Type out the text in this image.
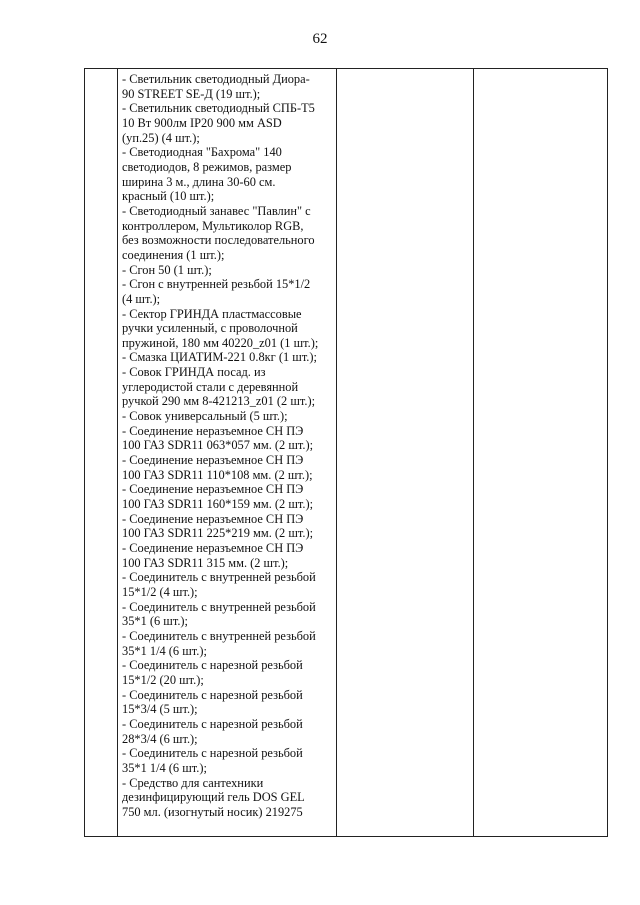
62

- Светильник светодиодный Диора-
90 STREET SE-Д (19 шт.);
- Светильник светодиодный СПБ-Т5
10 Вт 900лм IP20 900 мм ASD
(уп.25) (4 шт.);
- Светодиодная "Бахрома" 140
светодиодов, 8 режимов, размер
ширина 3 м., длина 30-60 см.
красный (10 шт.);
- Светодиодный занавес "Павлин" с
контроллером, Мультиколор RGB,
без возможности последовательного
соединения (1 шт.);
- Сгон 50 (1 шт.);
- Сгон с внутренней резьбой 15*1/2
(4 шт.);
- Сектор ГРИНДА пластмассовые
ручки усиленный, с проволочной
пружиной, 180 мм 40220_z01 (1 шт.);
- Смазка ЦИАТИМ-221 0.8кг (1 шт.);
- Совок ГРИНДА посад. из
углеродистой стали с деревянной
ручкой 290 мм 8-421213_z01 (2 шт.);
- Совок универсальный (5 шт.);
- Соединение неразъемное СН ПЭ
100 ГАЗ SDR11 063*057 мм. (2 шт.);
- Соединение неразъемное СН ПЭ
100 ГАЗ SDR11 110*108 мм. (2 шт.);
- Соединение неразъемное СН ПЭ
100 ГАЗ SDR11 160*159 мм. (2 шт.);
- Соединение неразъемное СН ПЭ
100 ГАЗ SDR11 225*219 мм. (2 шт.);
- Соединение неразъемное СН ПЭ
100 ГАЗ SDR11 315 мм. (2 шт.);
- Соединитель с внутренней резьбой
15*1/2 (4 шт.);
- Соединитель с внутренней резьбой
35*1 (6 шт.);
- Соединитель с внутренней резьбой
35*1 1/4 (6 шт.);
- Соединитель с нарезной резьбой
15*1/2 (20 шт.);
- Соединитель с нарезной резьбой
15*3/4 (5 шт.);
- Соединитель с нарезной резьбой
28*3/4 (6 шт.);
- Соединитель с нарезной резьбой
35*1 1/4 (6 шт.);
- Средство для сантехники
дезинфицирующий гель DOS GEL
750 мл. (изогнутый носик) 219275
